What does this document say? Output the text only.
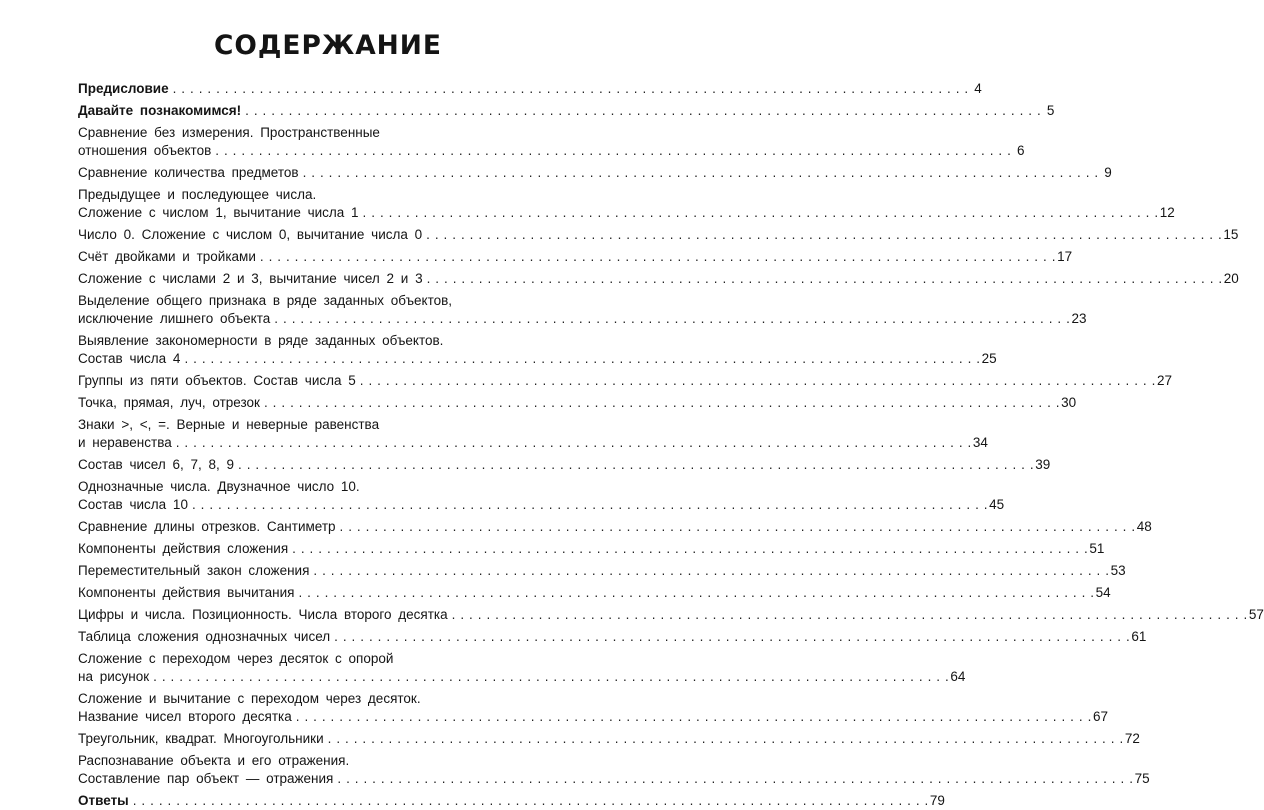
СОДЕРЖАНИЕ
Предисловие . . .	4
Давайте познакомимся! . . .	5
Сравнение без измерения. Пространственные
отношения объектов . . .	6
Сравнение количества предметов . . .	9
Предыдущее и последующее числа.
Сложение с числом 1, вычитание числа 1 . . .	12
Число 0. Сложение с числом 0, вычитание числа 0 . . .	15
Счёт двойками и тройками . . .	17
Сложение с числами 2 и 3, вычитание чисел 2 и 3 . . .	20
Выделение общего признака в ряде заданных объектов,
исключение лишнего объекта . . .	23
Выявление закономерности в ряде заданных объектов.
Состав числа 4 . . .	25
Группы из пяти объектов. Состав числа 5 . . .	27
Точка, прямая, луч, отрезок . . .	30
Знаки >, <, =. Верные и неверные равенства
и неравенства . . .	34
Состав чисел 6, 7, 8, 9 . . .	39
Однозначные числа. Двузначное число 10.
Состав числа 10 . . .	45
Сравнение длины отрезков. Сантиметр . . .	48
Компоненты действия сложения . . .	51
Переместительный закон сложения . . .	53
Компоненты действия вычитания . . .	54
Цифры и числа. Позиционность. Числа второго десятка . . .	57
Таблица сложения однозначных чисел . . .	61
Сложение с переходом через десяток с опорой
на рисунок . . .	64
Сложение и вычитание с переходом через десяток.
Название чисел второго десятка . . .	67
Треугольник, квадрат. Многоугольники . . .	72
Распознавание объекта и его отражения.
Составление пар объект — отражения . . .	75
Ответы . . .	79
